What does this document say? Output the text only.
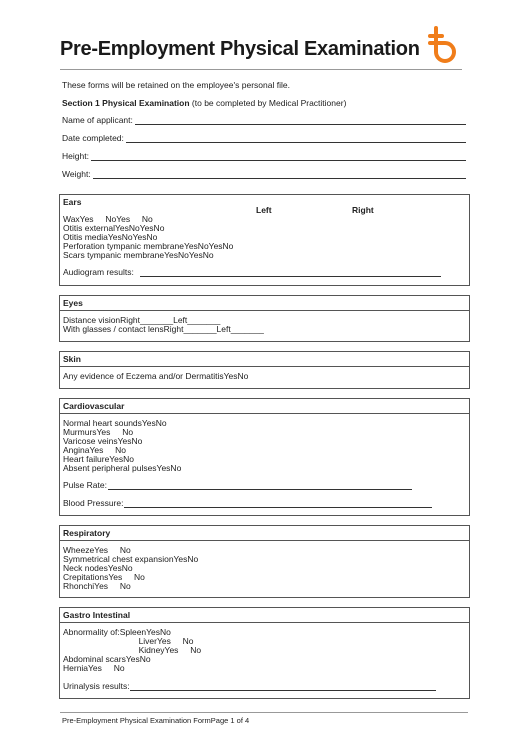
Pre-Employment Physical Examination
These forms will be retained on the employee's personal file.
Section 1 Physical Examination (to be completed by Medical Practitioner)
Name of applicant:
Date completed:
Height:
Weight:
Ears
Left	Right
WaxYes     NoYes     No
Otitis externalYesNoYesNo
Otitis mediaYesNoYesNo
Perforation tympanic membraneYesNoYesNo
Scars tympanic membraneYesNoYesNo
Audiogram results:
Eyes
Distance visionRight_______Left_______
With glasses / contact lensRight_______Left_______
Skin
Any evidence of Eczema and/or DermatitisYesNo
Cardiovascular
Normal heart soundsYesNo
MurmursYes     No
Varicose veinsYesNo
AnginaYes     No
Heart failureYesNo
Absent peripheral pulsesYesNo
Pulse Rate:
Blood Pressure:
Respiratory
WheezeYes     No
Symmetrical chest expansionYesNo
Neck nodesYesNo
CrepitationsYes     No
RhonchiYes     No
Gastro Intestinal
Abnormality of:SpleenYesNo
LiverYes     No
KidneyYes     No
Abdominal scarsYesNo
HerniaYes     No
Urinalysis results:
Pre-Employment Physical Examination FormPage 1 of 4
